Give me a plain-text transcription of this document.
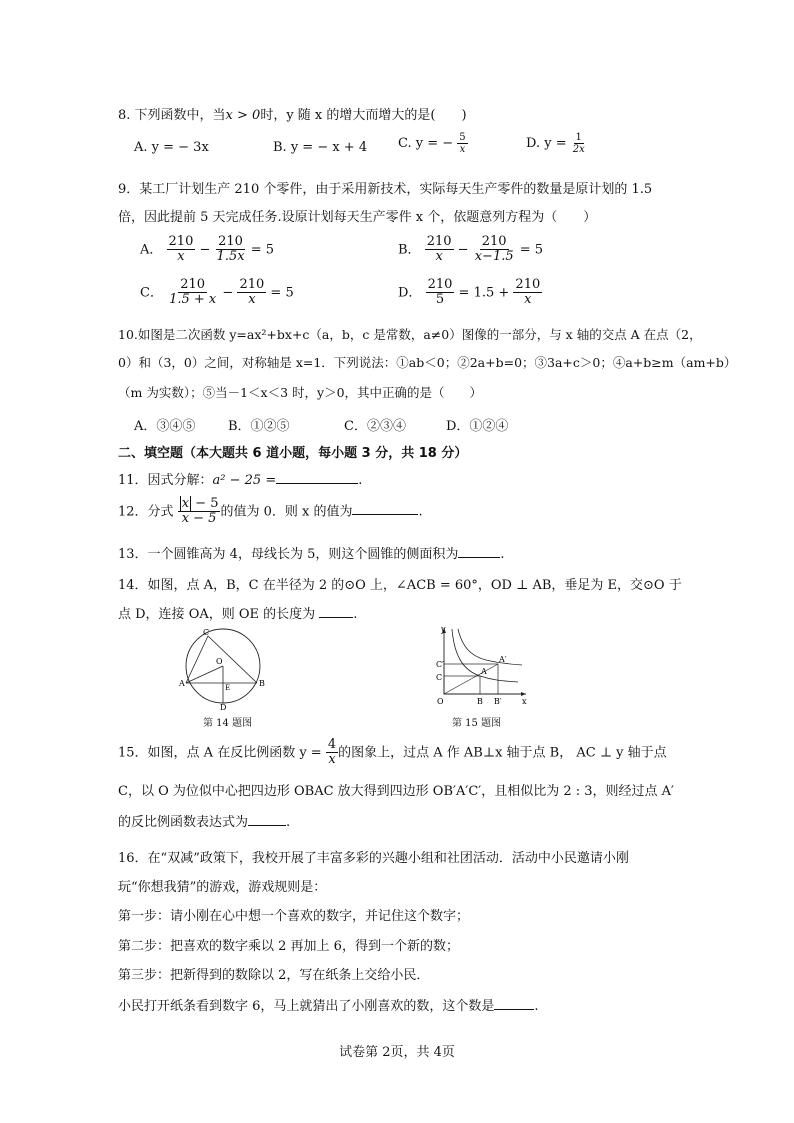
8. 下列函数中，当x > 0时，y 随 x 的增大而增大的是(　　)
A. y = − 3x	B. y = − x + 4 C. y = − $\frac{5}{x}$	D. $y = \frac{1}{2x}$
9．某工厂计划生产 210 个零件，由于采用新技术，实际每天生产零件的数量是原计划的 1.5
倍，因此提前 5 天完成任务.设原计划每天生产零件 x 个，依题意列方程为（　　）
A． $\frac{210}{x} - \frac{210}{1.5x} = 5$	B． $\frac{210}{x} - \frac{210}{x-1.5} = 5$
C． $\frac{210}{1.5 + x} - \frac{210}{x} = 5$	D． $\frac{210}{5} = 1.5 + \frac{210}{x}$
10.如图是二次函数 y=ax²+bx+c（a，b，c 是常数，a≠0）图像的一部分，与 x 轴的交点 A 在点（2，
0）和（3，0）之间，对称轴是 x=1．下列说法：①ab＜0；②2a+b=0；③3a+c＞0；④a+b≥m（am+b）
（m 为实数）；⑤当－1＜x＜3 时，y＞0，其中正确的是（　　）
A．③④⑤	B．①②⑤	C．②③④	D．①②④
二、填空题（本大题共 6 道小题，每小题 3 分，共 18 分）
11．因式分解：a² − 25 =	.
12．分式 $\frac{x - 5}{x - 5}$ 的值为 0．则 x 的值为	.
13．一个圆锥高为 4，母线长为 5，则这个圆锥的侧面积为	.
14．如图，点 A，B，C 在半径为 2 的⊙O 上，∠ACB = 60°，OD ⊥ AB，垂足为 E，交⊙O 于
点 D，连接 OA，则 OE 的长度为	.
C
O
A	E	B
D
第 14 题图
y
x
O	B B′
A
A′
C
C′
第 15 题图
15．如图，点 A 在反比例函数 $y = \frac{4}{x}$ 的图象上，过点 A 作 AB⊥x 轴于点 B， AC ⊥ y 轴于点
C，以 O 为位似中心把四边形 OBAC 放大得到四边形 OB′A′C′，且相似比为 2 : 3，则经过点 A′
的反比例函数表达式为	.
16．在“双减”政策下，我校开展了丰富多彩的兴趣小组和社团活动．活动中小民邀请小刚
玩“你想我猜”的游戏，游戏规则是：
第一步：请小刚在心中想一个喜欢的数字，并记住这个数字；
第二步：把喜欢的数字乘以 2 再加上 6，得到一个新的数；
第三步：把新得到的数除以 2，写在纸条上交给小民．
小民打开纸条看到数字 6，马上就猜出了小刚喜欢的数，这个数是	.
试卷第 2页，共 4页
